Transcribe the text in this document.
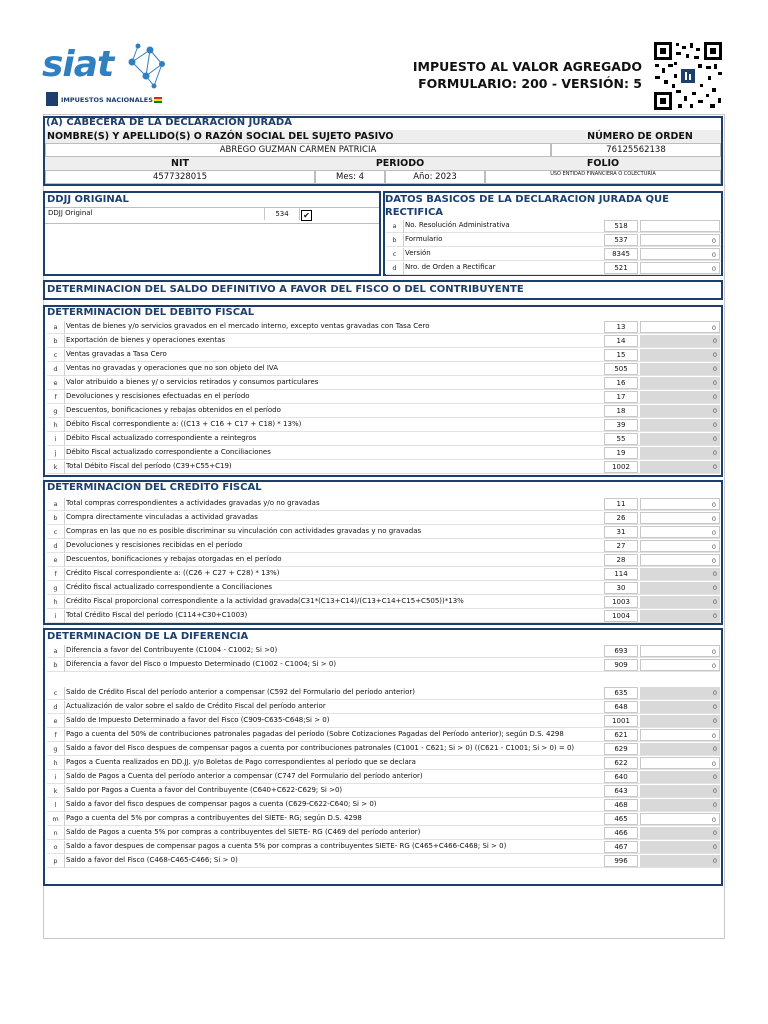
siat
IMPUESTOS NACIONALES
IMPUESTO AL VALOR AGREGADO
FORMULARIO: 200 - VERSIÓN: 5
(A) CABECERA DE LA DECLARACION JURADA
NOMBRE(S) Y APELLIDO(S) O RAZÓN SOCIAL DEL SUJETO PASIVO	NÚMERO DE ORDEN
ABREGO GUZMAN CARMEN PATRICIA	76125562138
NIT	PERIODO	FOLIO
4577328015	Mes: 4	Año: 2023	USO ENTIDAD FINANCIERA O COLECTURÍA
DDJJ ORIGINAL
DDJJ Original	534	✔
DATOS BASICOS DE LA DECLARACION JURADA QUE RECTIFICA
a	No. Resolución Administrativa	518
b	Formulario	537	0
c	Versión	8345	0
d	Nro. de Orden a Rectificar	521	0
DETERMINACION DEL SALDO DEFINITIVO A FAVOR DEL FISCO O DEL CONTRIBUYENTE
DETERMINACION DEL DEBITO FISCAL
a	Ventas de bienes y/o servicios gravados en el mercado interno, excepto ventas gravadas con Tasa Cero	13	0
b	Exportación de bienes y operaciones exentas	14	0
c	Ventas gravadas a Tasa Cero	15	0
d	Ventas no gravadas y operaciones que no son objeto del IVA	505	0
e	Valor atribuido a bienes y/ o servicios retirados y consumos particulares	16	0
f	Devoluciones y rescisiones efectuadas en el período	17	0
g	Descuentos, bonificaciones y rebajas obtenidos en el período	18	0
h	Débito Fiscal correspondiente a: ((C13 + C16 + C17 + C18) * 13%)	39	0
i	Débito Fiscal actualizado correspondiente a reintegros	55	0
j	Débito Fiscal actualizado correspondiente a Conciliaciones	19	0
k	Total Débito Fiscal del período (C39+C55+C19)	1002	0
DETERMINACION DEL CREDITO FISCAL
a	Total compras correspondientes a actividades gravadas y/o no gravadas	11	0
b	Compra directamente vinculadas a actividad gravadas	26	0
c	Compras en las que no es posible discriminar su vinculación con actividades gravadas y no gravadas	31	0
d	Devoluciones y rescisiones recibidas en el período	27	0
e	Descuentos, bonificaciones y rebajas otorgadas en el período	28	0
f	Crédito Fiscal correspondiente a: ((C26 + C27 + C28) * 13%)	114	0
g	Crédito fiscal actualizado correspondiente a Conciliaciones	30	0
h	Crédito Fiscal proporcional correspondiente a la actividad gravada(C31*(C13+C14)/(C13+C14+C15+C505))*13%	1003	0
i	Total Crédito Fiscal del período (C114+C30+C1003)	1004	0
DETERMINACION DE LA DIFERENCIA
a	Diferencia a favor del Contribuyente (C1004 - C1002; Si >0)	693	0
b	Diferencia a favor del Fisco o Impuesto Determinado (C1002 - C1004; Si > 0)	909	0
c	Saldo de Crédito Fiscal del período anterior a compensar (C592 del Formulario del período anterior)	635	0
d	Actualización de valor sobre el saldo de Crédito Fiscal del período anterior	648	0
e	Saldo de Impuesto Determinado a favor del Fisco (C909-C635-C648;Si > 0)	1001	0
f	Pago a cuenta del 50% de contribuciones patronales pagadas del período (Sobre Cotizaciones Pagadas del Período anterior); según D.S. 4298	621	0
g	Saldo a favor del Fisco despues de compensar pagos a cuenta por contribuciones patronales (C1001 - C621; Si > 0) ((C621 - C1001; Si > 0) = 0)	629	0
h	Pagos a Cuenta realizados en DD.JJ. y/o Boletas de Pago correspondientes al período que se declara	622	0
i	Saldo de Pagos a Cuenta del período anterior a compensar (C747 del Formulario del período anterior)	640	0
k	Saldo por Pagos a Cuenta a favor del Contribuyente (C640+C622-C629; Si >0)	643	0
l	Saldo a favor del fisco despues de compensar pagos a cuenta (C629-C622-C640; Si > 0)	468	0
m	Pago a cuenta del 5% por compras a contribuyentes del SIETE- RG; según D.S. 4298	465	0
n	Saldo de Pagos a cuenta 5% por compras a contribuyentes del SIETE- RG (C469 del período anterior)	466	0
o	Saldo a favor despues de compensar pagos a cuenta 5% por compras a contribuyentes SIETE- RG (C465+C466-C468; Si > 0)	467	0
p	Saldo a favor del Fisco (C468-C465-C466; Si > 0)	996	0
